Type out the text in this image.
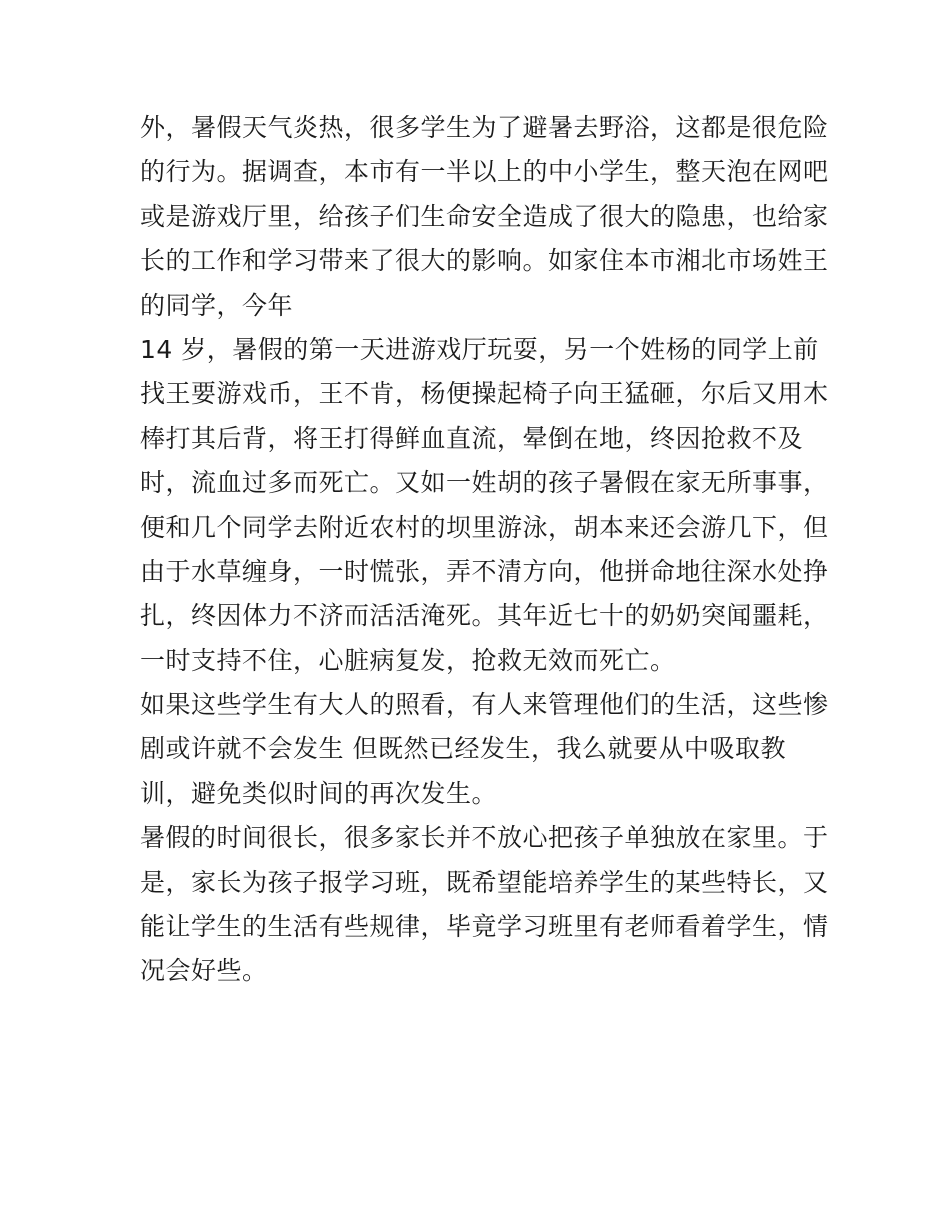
外，暑假天气炎热，很多学生为了避暑去野浴，这都是很危险
的行为。据调查，本市有一半以上的中小学生，整天泡在网吧
或是游戏厅里，给孩子们生命安全造成了很大的隐患，也给家
长的工作和学习带来了很大的影响。如家住本市湘北市场姓王
的同学，今年
14 岁，暑假的第一天进游戏厅玩耍，另一个姓杨的同学上前
找王要游戏币，王不肯，杨便操起椅子向王猛砸，尔后又用木
棒打其后背，将王打得鲜血直流，晕倒在地，终因抢救不及
时，流血过多而死亡。又如一姓胡的孩子暑假在家无所事事，
便和几个同学去附近农村的坝里游泳，胡本来还会游几下，但
由于水草缠身，一时慌张，弄不清方向，他拼命地往深水处挣
扎，终因体力不济而活活淹死。其年近七十的奶奶突闻噩耗，
一时支持不住，心脏病复发，抢救无效而死亡。
如果这些学生有大人的照看，有人来管理他们的生活，这些惨
剧或许就不会发生 但既然已经发生，我么就要从中吸取教
训，避免类似时间的再次发生。
暑假的时间很长，很多家长并不放心把孩子单独放在家里。于
是，家长为孩子报学习班，既希望能培养学生的某些特长，又
能让学生的生活有些规律，毕竟学习班里有老师看着学生，情
况会好些。
